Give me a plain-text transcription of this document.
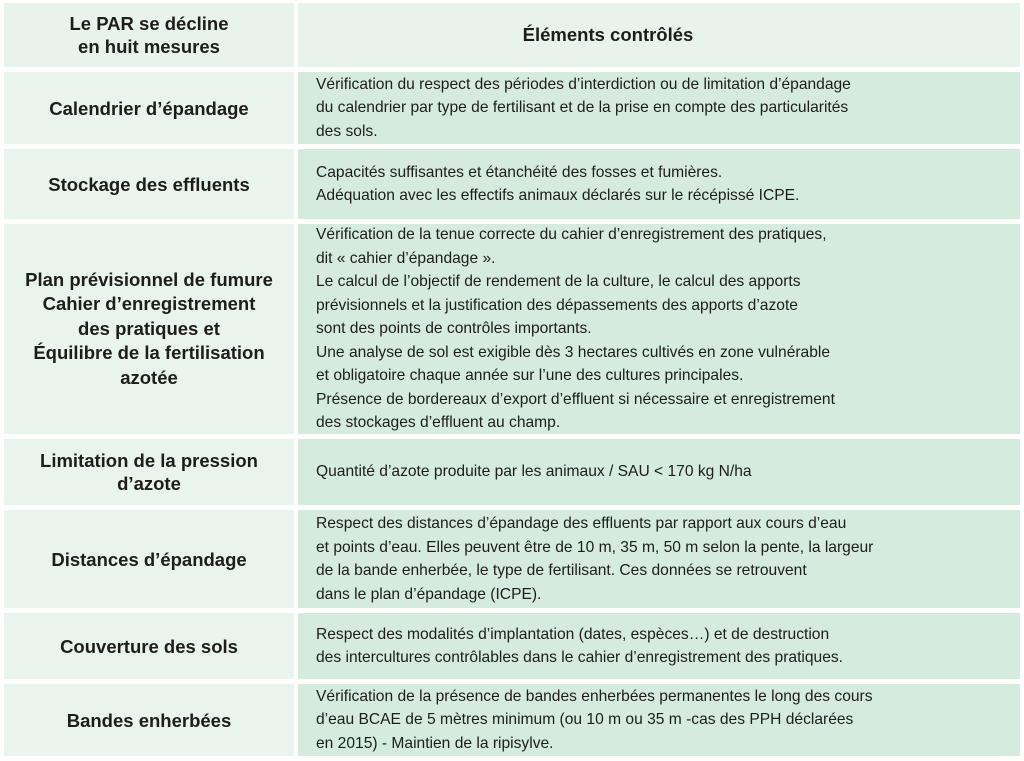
Le PAR se décline
en huit mesures
Éléments contrôlés
Calendrier d’épandage
Vérification du respect des périodes d’interdiction ou de limitation d’épandage
du calendrier par type de fertilisant et de la prise en compte des particularités
des sols.
Stockage des effluents
Capacités suffisantes et étanchéité des fosses et fumières.
Adéquation avec les effectifs animaux déclarés sur le récépissé ICPE.
Plan prévisionnel de fumure
Cahier d’enregistrement
des pratiques et
Équilibre de la fertilisation
azotée
Vérification de la tenue correcte du cahier d’enregistrement des pratiques,
dit « cahier d’épandage ».
Le calcul de l’objectif de rendement de la culture, le calcul des apports
prévisionnels et la justification des dépassements des apports d’azote
sont des points de contrôles importants.
Une analyse de sol est exigible dès 3 hectares cultivés en zone vulnérable
et obligatoire chaque année sur l’une des cultures principales.
Présence de bordereaux d’export d’effluent si nécessaire et enregistrement
des stockages d’effluent au champ.
Limitation de la pression
d’azote
Quantité d’azote produite par les animaux / SAU < 170 kg N/ha
Distances d’épandage
Respect des distances d’épandage des effluents par rapport aux cours d’eau
et points d’eau. Elles peuvent être de 10 m, 35 m, 50 m selon la pente, la largeur
de la bande enherbée, le type de fertilisant. Ces données se retrouvent
dans le plan d’épandage (ICPE).
Couverture des sols
Respect des modalités d’implantation (dates, espèces…) et de destruction
des intercultures contrôlables dans le cahier d’enregistrement des pratiques.
Bandes enherbées
Vérification de la présence de bandes enherbées permanentes le long des cours
d’eau BCAE de 5 mètres minimum (ou 10 m ou 35 m -cas des PPH déclarées
en 2015) - Maintien de la ripisylve.
